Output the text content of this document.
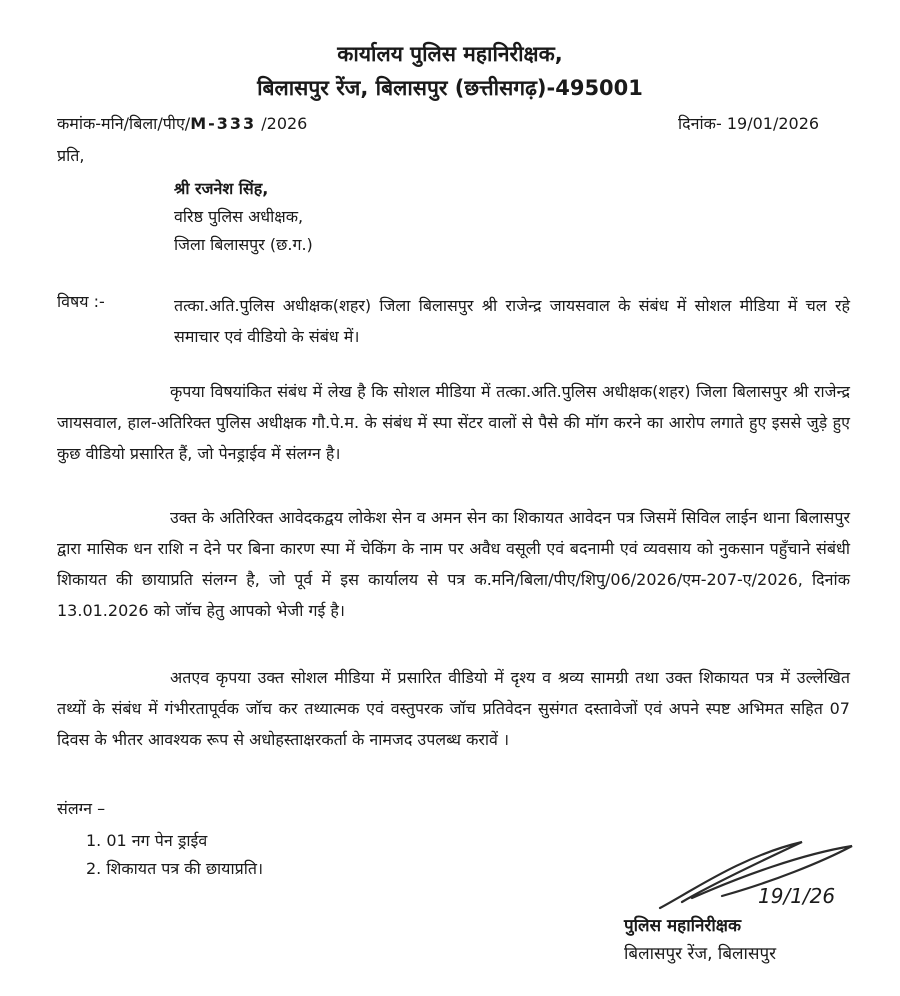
कार्यालय पुलिस महानिरीक्षक,
बिलासपुर रेंज, बिलासपुर (छत्तीसगढ़)-495001
कमांक-मनि/बिला/पीए/M-333 /2026	दिनांक- 19/01/2026
प्रति,
श्री रजनेश सिंह,
वरिष्ठ पुलिस अधीक्षक,
जिला बिलासपुर (छ.ग.)
विषय :-	तत्का.अति.पुलिस अधीक्षक(शहर) जिला बिलासपुर श्री राजेन्द्र जायसवाल के संबंध में सोशल मीडिया में चल रहे समाचार एवं वीडियो के संबंध में।
कृपया विषयांकित संबंध में लेख है कि सोशल मीडिया में तत्का.अति.पुलिस अधीक्षक(शहर) जिला बिलासपुर श्री राजेन्द्र जायसवाल, हाल-अतिरिक्त पुलिस अधीक्षक गौ.पे.म. के संबंध में स्पा सेंटर वालों से पैसे की मॉग करने का आरोप लगाते हुए इससे जुड़े हुए कुछ वीडियो प्रसारित हैं, जो पेनड्राईव में संलग्न है।
उक्त के अतिरिक्त आवेदकद्वय लोकेश सेन व अमन सेन का शिकायत आवेदन पत्र जिसमें सिविल लाईन थाना बिलासपुर द्वारा मासिक धन राशि न देने पर बिना कारण स्पा में चेकिंग के नाम पर अवैध वसूली एवं बदनामी एवं व्यवसाय को नुकसान पहुँचाने संबंधी शिकायत की छायाप्रति संलग्न है, जो पूर्व में इस कार्यालय से पत्र क.मनि/बिला/पीए/शिपु/06/2026/एम-207-ए/2026, दिनांक 13.01.2026 को जॉच हेतु आपको भेजी गई है।
अतएव कृपया उक्त सोशल मीडिया में प्रसारित वीडियो में दृश्य व श्रव्य सामग्री तथा उक्त शिकायत पत्र में उल्लेखित तथ्यों के संबंध में गंभीरतापूर्वक जॉच कर तथ्यात्मक एवं वस्तुपरक जॉच प्रतिवेदन सुसंगत दस्तावेजों एवं अपने स्पष्ट अभिमत सहित 07 दिवस के भीतर आवश्यक रूप से अधोहस्ताक्षरकर्ता के नामजद उपलब्ध करावें ।
संलग्न –
1. 01 नग पेन ड्राईव
2. शिकायत पत्र की छायाप्रति।
19/1/26
पुलिस महानिरीक्षक
बिलासपुर रेंज, बिलासपुर
